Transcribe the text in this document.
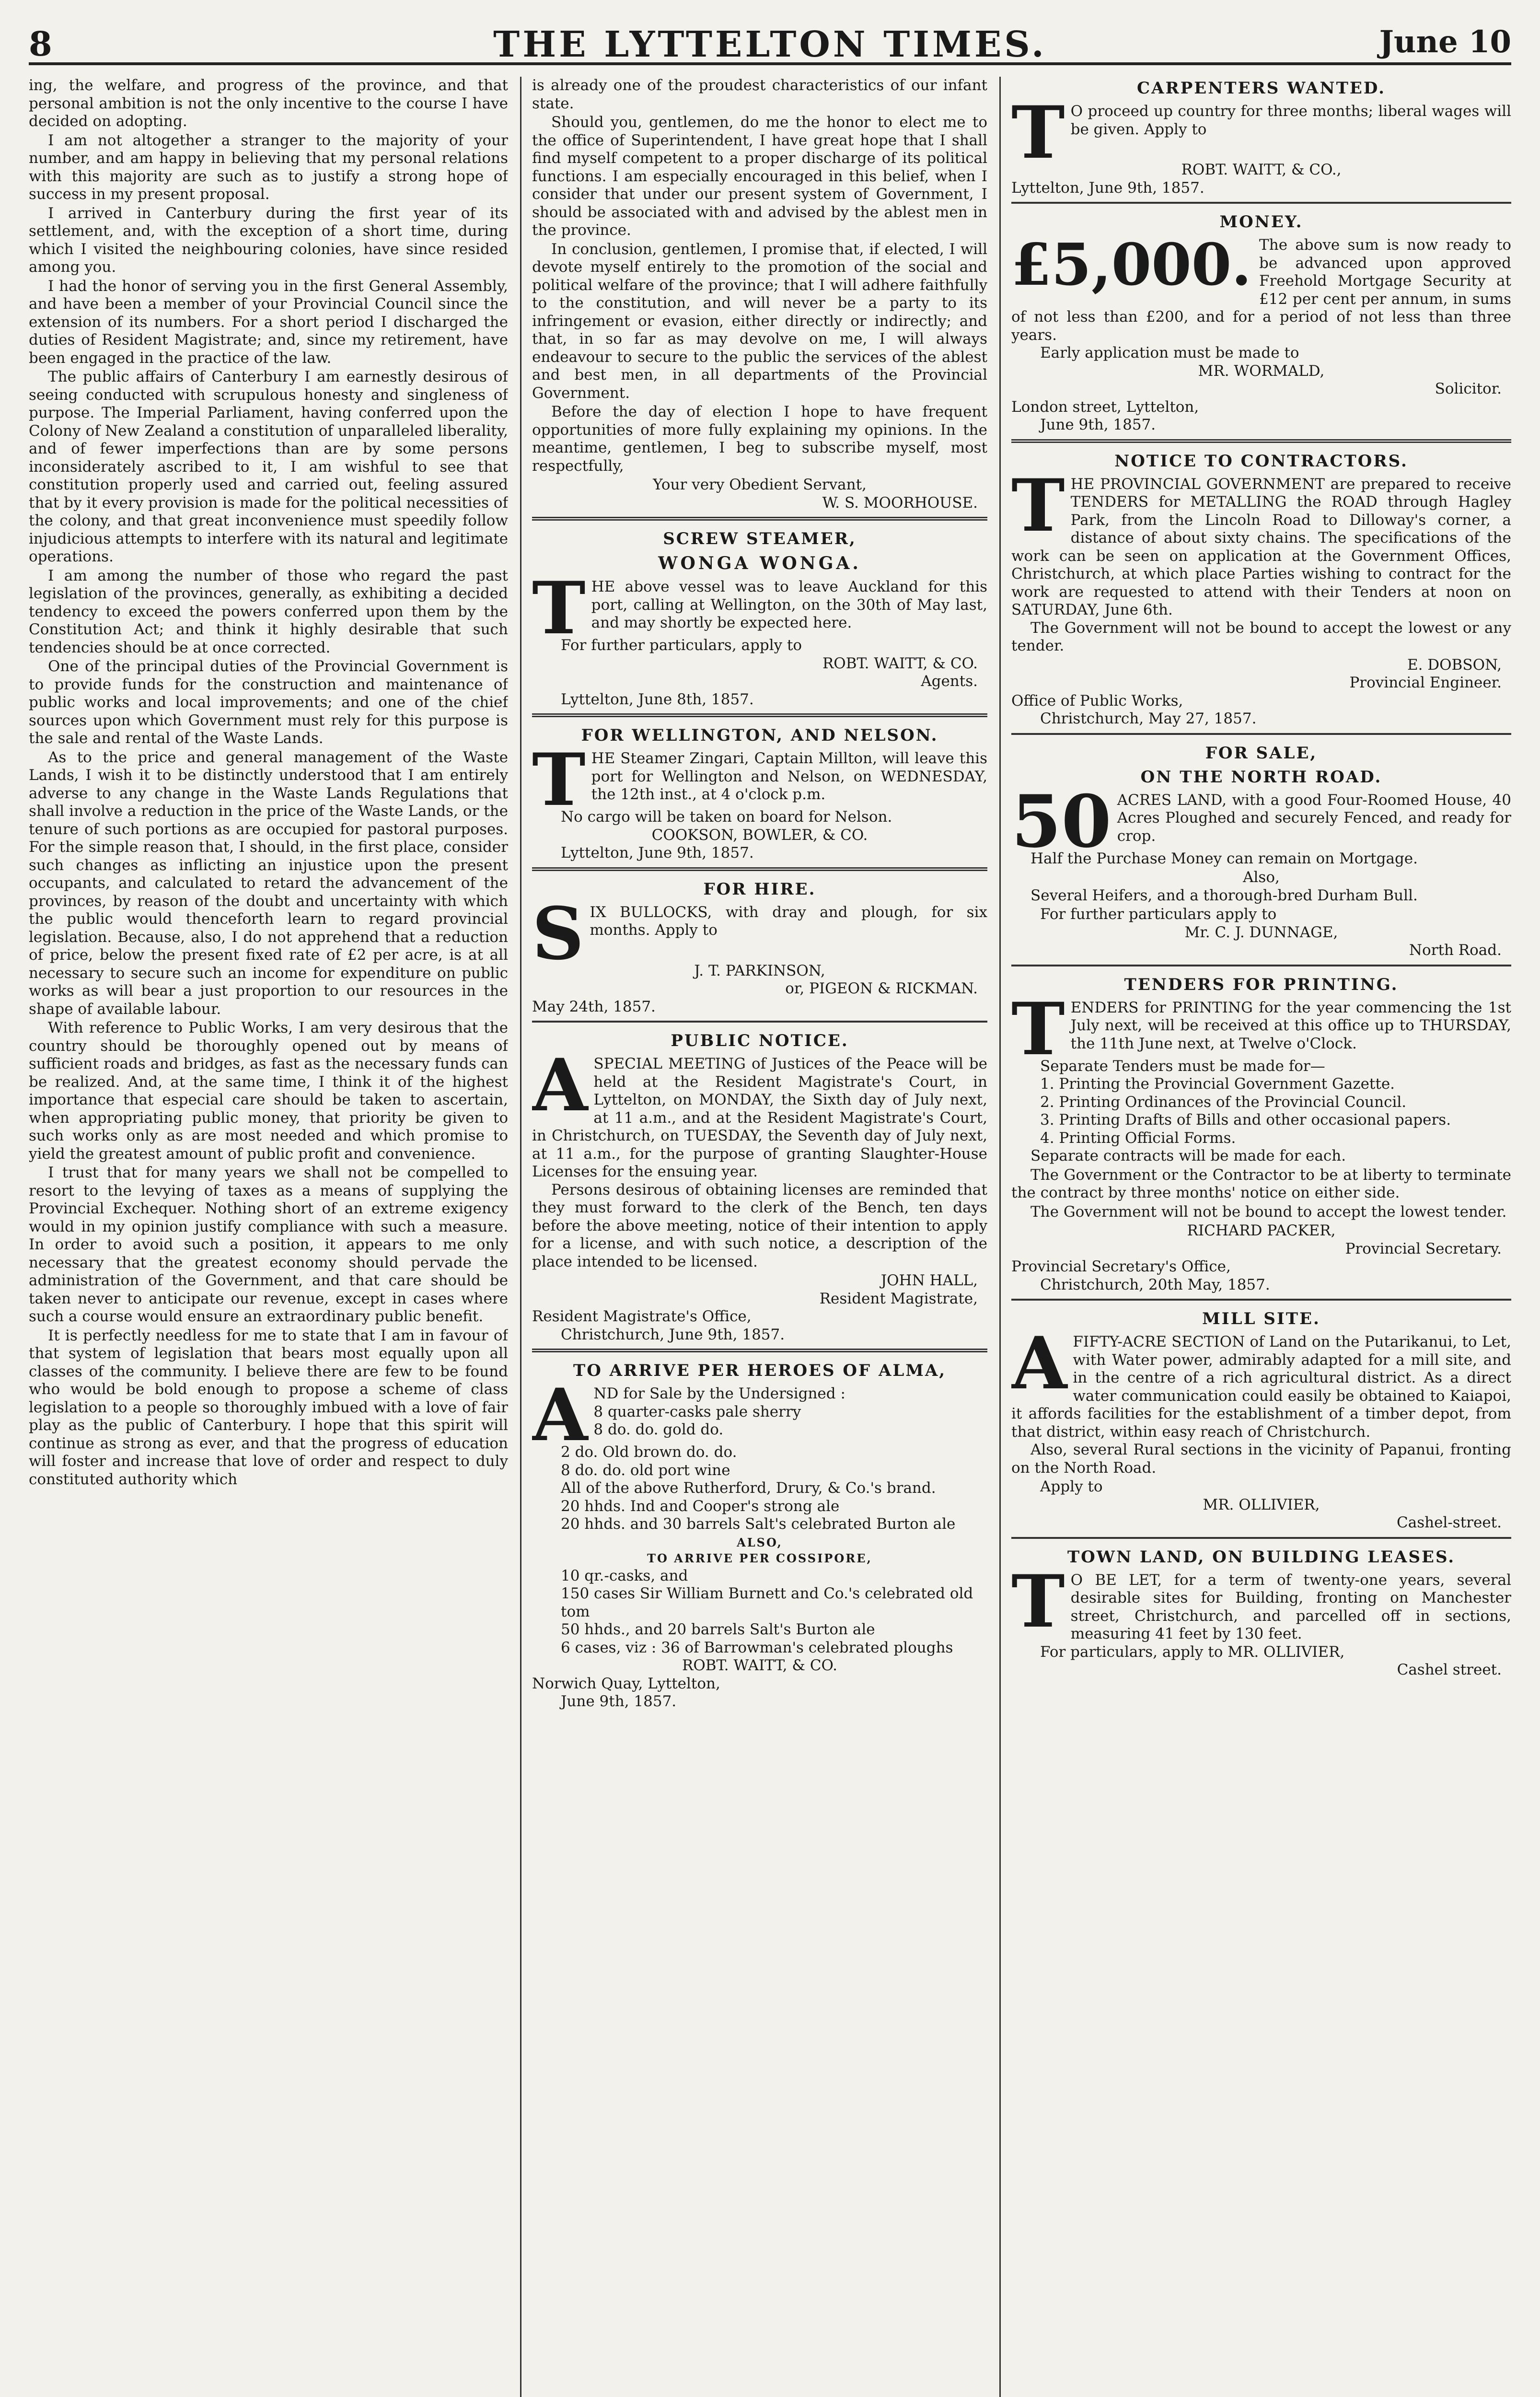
8	THE LYTTELTON TIMES.	June 10

ing, the welfare, and progress of the province, and that personal ambition is not the only incentive to the course I have decided on adopting.

I am not altogether a stranger to the majority of your number, and am happy in believing that my personal relations with this majority are such as to justify a strong hope of success in my present proposal.

I arrived in Canterbury during the first year of its settlement, and, with the exception of a short time, during which I visited the neighbouring colonies, have since resided among you.

I had the honor of serving you in the first General Assembly, and have been a member of your Provincial Council since the extension of its numbers. For a short period I discharged the duties of Resident Magistrate; and, since my retirement, have been engaged in the practice of the law.

The public affairs of Canterbury I am earnestly desirous of seeing conducted with scrupulous honesty and singleness of purpose. The Imperial Parliament, having conferred upon the Colony of New Zealand a constitution of unparalleled liberality, and of fewer imperfections than are by some persons inconsiderately ascribed to it, I am wishful to see that constitution properly used and carried out, feeling assured that by it every provision is made for the political necessities of the colony, and that great inconvenience must speedily follow injudicious attempts to interfere with its natural and legitimate operations.

I am among the number of those who regard the past legislation of the provinces, generally, as exhibiting a decided tendency to exceed the powers conferred upon them by the Constitution Act; and think it highly desirable that such tendencies should be at once corrected.

One of the principal duties of the Provincial Government is to provide funds for the construction and maintenance of public works and local improvements; and one of the chief sources upon which Government must rely for this purpose is the sale and rental of the Waste Lands.

As to the price and general management of the Waste Lands, I wish it to be distinctly understood that I am entirely adverse to any change in the Waste Lands Regulations that shall involve a reduction in the price of the Waste Lands, or the tenure of such portions as are occupied for pastoral purposes. For the simple reason that, I should, in the first place, consider such changes as inflicting an injustice upon the present occupants, and calculated to retard the advancement of the provinces, by reason of the doubt and uncertainty with which the public would thenceforth learn to regard provincial legislation. Because, also, I do not apprehend that a reduction of price, below the present fixed rate of £2 per acre, is at all necessary to secure such an income for expenditure on public works as will bear a just proportion to our resources in the shape of available labour.

With reference to Public Works, I am very desirous that the country should be thoroughly opened out by means of sufficient roads and bridges, as fast as the necessary funds can be realized. And, at the same time, I think it of the highest importance that especial care should be taken to ascertain, when appropriating public money, that priority be given to such works only as are most needed and which promise to yield the greatest amount of public profit and convenience.

I trust that for many years we shall not be compelled to resort to the levying of taxes as a means of supplying the Provincial Exchequer. Nothing short of an extreme exigency would in my opinion justify compliance with such a measure. In order to avoid such a position, it appears to me only necessary that the greatest economy should pervade the administration of the Government, and that care should be taken never to anticipate our revenue, except in cases where such a course would ensure an extraordinary public benefit.

It is perfectly needless for me to state that I am in favour of that system of legislation that bears most equally upon all classes of the community. I believe there are few to be found who would be bold enough to propose a scheme of class legislation to a people so thoroughly imbued with a love of fair play as the public of Canterbury. I hope that this spirit will continue as strong as ever, and that the progress of education will foster and increase that love of order and respect to duly constituted authority which

is already one of the proudest characteristics of our infant state.

Should you, gentlemen, do me the honor to elect me to the office of Superintendent, I have great hope that I shall find myself competent to a proper discharge of its political functions. I am especially encouraged in this belief, when I consider that under our present system of Government, I should be associated with and advised by the ablest men in the province.

In conclusion, gentlemen, I promise that, if elected, I will devote myself entirely to the promotion of the social and political welfare of the province; that I will adhere faithfully to the constitution, and will never be a party to its infringement or evasion, either directly or indirectly; and that, in so far as may devolve on me, I will always endeavour to secure to the public the services of the ablest and best men, in all departments of the Provincial Government.

Before the day of election I hope to have frequent opportunities of more fully explaining my opinions. In the meantime, gentlemen, I beg to subscribe myself, most respectfully,

Your very Obedient Servant,

W. S. MOORHOUSE.

SCREW STEAMER,
WONGA WONGA.
T HE above vessel was to leave Auckland for this port, calling at Wellington, on the 30th of May last, and may shortly be expected here.

For further particulars, apply to

ROBT. WAITT, & CO.

Agents.

Lyttelton, June 8th, 1857.

FOR WELLINGTON, AND NELSON.
T HE Steamer Zingari, Captain Millton, will leave this port for Wellington and Nelson, on WEDNESDAY, the 12th inst., at 4 o'clock p.m.

No cargo will be taken on board for Nelson.

COOKSON, BOWLER, & CO.

Lyttelton, June 9th, 1857.

FOR HIRE.
S IX BULLOCKS, with dray and plough, for six months. Apply to

J. T. PARKINSON,

or, PIGEON & RICKMAN.

May 24th, 1857.

PUBLIC NOTICE.
A SPECIAL MEETING of Justices of the Peace will be held at the Resident Magistrate's Court, in Lyttelton, on MONDAY, the Sixth day of July next, at 11 a.m., and at the Resident Magistrate's Court, in Christchurch, on TUESDAY, the Seventh day of July next, at 11 a.m., for the purpose of granting Slaughter-House Licenses for the ensuing year.

Persons desirous of obtaining licenses are reminded that they must forward to the clerk of the Bench, ten days before the above meeting, notice of their intention to apply for a license, and with such notice, a description of the place intended to be licensed.

JOHN HALL,

Resident Magistrate,

Resident Magistrate's Office,

Christchurch, June 9th, 1857.

TO ARRIVE PER HEROES OF ALMA,
A ND for Sale by the Undersigned :

8 quarter-casks pale sherry

8 do. do. gold do.

2 do. Old brown do. do.

8 do. do. old port wine

All of the above Rutherford, Drury, & Co.'s brand.

20 hhds. Ind and Cooper's strong ale

20 hhds. and 30 barrels Salt's celebrated Burton ale

ALSO,
TO ARRIVE PER COSSIPORE,

10 qr.-casks, and

150 cases Sir William Burnett and Co.'s celebrated old tom

50 hhds., and 20 barrels Salt's Burton ale

6 cases, viz : 36 of Barrowman's celebrated ploughs

ROBT. WAITT, & CO.

Norwich Quay, Lyttelton,

June 9th, 1857.

CARPENTERS WANTED.
T O proceed up country for three months; liberal wages will be given. Apply to

ROBT. WAITT, & CO.,

Lyttelton, June 9th, 1857.

MONEY.
£5,000. The above sum is now ready to be advanced upon approved Freehold Mortgage Security at £12 per cent per annum, in sums of not less than £200, and for a period of not less than three years.

Early application must be made to

MR. WORMALD,

Solicitor.

London street, Lyttelton,

June 9th, 1857.

NOTICE TO CONTRACTORS.
T HE PROVINCIAL GOVERNMENT are prepared to receive TENDERS for METALLING the ROAD through Hagley Park, from the Lincoln Road to Dilloway's corner, a distance of about sixty chains. The specifications of the work can be seen on application at the Government Offices, Christchurch, at which place Parties wishing to contract for the work are requested to attend with their Tenders at noon on SATURDAY, June 6th.

The Government will not be bound to accept the lowest or any tender.

E. DOBSON,

Provincial Engineer.

Office of Public Works,

Christchurch, May 27, 1857.

FOR SALE,
ON THE NORTH ROAD.
50 ACRES LAND, with a good Four-Roomed House, 40 Acres Ploughed and securely Fenced, and ready for crop.

Half the Purchase Money can remain on Mortgage.

Also,

Several Heifers, and a thorough-bred Durham Bull.

For further particulars apply to

Mr. C. J. DUNNAGE,

North Road.

TENDERS FOR PRINTING.
T ENDERS for PRINTING for the year commencing the 1st July next, will be received at this office up to THURSDAY, the 11th June next, at Twelve o'Clock.

Separate Tenders must be made for—

1. Printing the Provincial Government Gazette.

2. Printing Ordinances of the Provincial Council.

3. Printing Drafts of Bills and other occasional papers.

4. Printing Official Forms.

Separate contracts will be made for each.

The Government or the Contractor to be at liberty to terminate the contract by three months' notice on either side.

The Government will not be bound to accept the lowest tender.

RICHARD PACKER,

Provincial Secretary.

Provincial Secretary's Office,

Christchurch, 20th May, 1857.

MILL SITE.
A FIFTY-ACRE SECTION of Land on the Putarikanui, to Let, with Water power, admirably adapted for a mill site, and in the centre of a rich agricultural district. As a direct water communication could easily be obtained to Kaiapoi, it affords facilities for the establishment of a timber depot, from that district, within easy reach of Christchurch.

Also, several Rural sections in the vicinity of Papanui, fronting on the North Road.

Apply to

MR. OLLIVIER,

Cashel-street.

TOWN LAND, ON BUILDING LEASES.
T O BE LET, for a term of twenty-one years, several desirable sites for Building, fronting on Manchester street, Christchurch, and parcelled off in sections, measuring 41 feet by 130 feet.

For particulars, apply to MR. OLLIVIER,

Cashel street.
